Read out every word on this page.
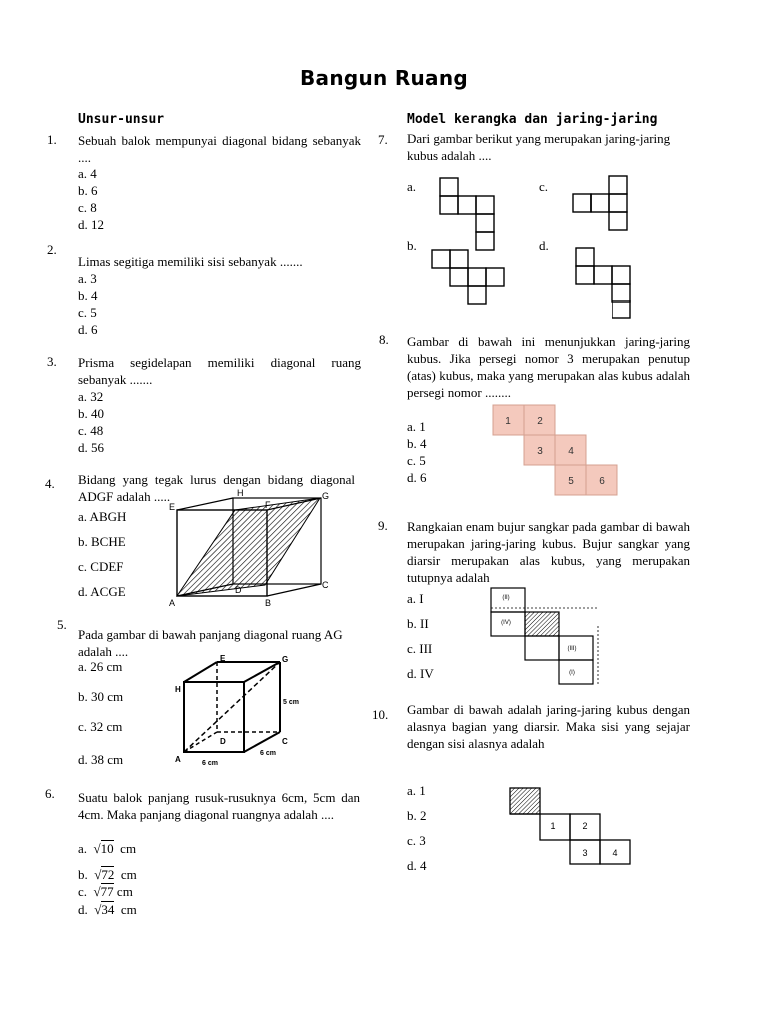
Bangun Ruang
Unsur-unsur
1. Sebuah balok mempunyai diagonal bidang sebanyak ....
a. 4
b. 6
c. 8
d. 12
2.
Limas segitiga memiliki sisi sebanyak .......
a. 3
b. 4
c. 5
d. 6
3. Prisma segidelapan memiliki diagonal ruang sebanyak .......
a. 32
b. 40
c. 48
d. 56
4. Bidang yang tegak lurus dengan bidang diagonal ADGF adalah .....
a. ABGH
b. BCHE
c. CDEF
d. ACGE
H	G
E	F
A	B
C
D
5.
Pada gambar di bawah panjang diagonal ruang AG adalah ....
a. 26 cm
b. 30 cm
c. 32 cm
d. 38 cm
H
E	G
A
D	C
5 cm
6 cm
6 cm
6. Suatu balok panjang rusuk-rusuknya 6cm, 5cm dan 4cm. Maka panjang diagonal ruangnya adalah ....
a. √10 cm
b. √72 cm
c. √77 cm
d. √34 cm
Model kerangka dan jaring-jaring
7. Dari gambar berikut yang merupakan jaring-jaring kubus adalah ....
a.	c.
b.	d.
8. Gambar di bawah ini menunjukkan jaring-jaring kubus. Jika persegi nomor 3 merupakan penutup (atas) kubus, maka yang merupakan alas kubus adalah persegi nomor ........
a. 1
b. 4
c. 5
d. 6
1	2
3	4
5	6
9. Rangkaian enam bujur sangkar pada gambar di bawah merupakan jaring-jaring kubus. Bujur sangkar yang diarsir merupakan alas kubus, yang merupakan tutupnya adalah
a. I
b. II
c. III
d. IV
(II)
(IV)
(III)
(I)
10. Gambar di bawah adalah jaring-jaring kubus dengan alasnya bagian yang diarsir. Maka sisi yang sejajar dengan sisi alasnya adalah
a. 1
b. 2
c. 3
d. 4
1	2
3	4
